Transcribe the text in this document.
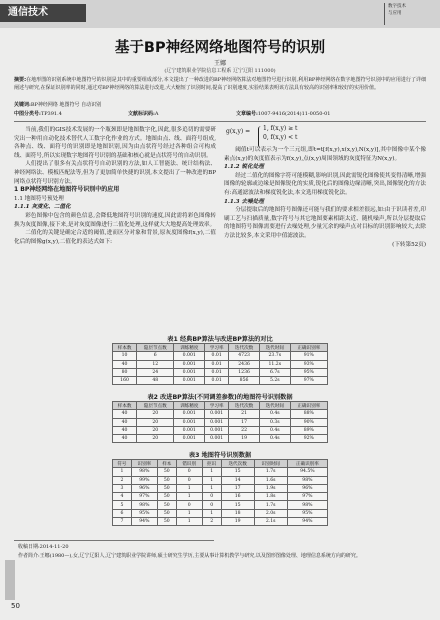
通信技术
数字技术
与应用
基于BP神经网络地图符号的识别
王娜
(辽宁建筑职业学院信息工程系 辽宁辽阳 111000)
摘要:在地形图的识别系统中地图符号的识别是其中的重要组成部分,本文提出了一种改进的BP神经网络算法对地图符号进行识别,利用BP神经网络在数字地图符号识别中的应用进行了详细阐述与研究,在保证识别率的同时,通过对BP神经网络的算法进行改进,大大缩短了识别时间,提高了识别速度,实验结果表明该方法具有较高的识别率和较好的实用价值。
关键词:BP神经网络 地图符号 自动识别
中图分类号:TP391.4	文献标识码:A	文章编号:1007-9416(2014)11-0050-01

当前,我们的GIS技术发展的一个瓶颈即是地图数字化,因此,很多追切的需要研究出一种用自动化技术替代人工数字化作业的方式。地图由点、线、面符号组成,各种点、线、面符号的识别即是地图识别,因为由点状符号经过各种组合可构成线、面符号,所以实现数字地图符号识别的基础和核心就是点状符号的自动识别。

人们提出了很多有关点状符号自动识别的方法,如人工智能法、统计结构法、神经网络法、模板匹配法等,但为了更加简单快捷的识别,本文提出了一种改进的BP网络点状符号识别方法。

1 BP神经网络在地图符号识别中的应用
1.1 地图符号预处理
1.1.1 灰度化、二值化

彩色图像中包含的颜色信息,会降低地图符号识别的速度,因此需将彩色图像转换为灰度图像,接下来,是对灰度图像进行二值化处理,这样就大大地提高处理效率。

二值化的关键是确定合适的阈值,进而区分对象和背景,原灰度图像f(x,y),二值化后的图像g(x,y),二值化的表达式如下:

g(x,y) = 1, f(x,y) ≥ t
0, f(x,y) < t

阈值t可以表示为一个三元组,即t=t[f(x,y),x(x,y),N(x,y)],其中图像中某个像素点(x,y)的灰度值表示为f(x,y),点(x,y)周围领域的灰度特征为N(x,y)。

1.1.2 锐化处理

经过二值化的图像字符可能模糊,影响识别,因此需锐化图像使其变得清晰,增强图像的轮廓或边缘是图像锐化的实质,锐化后的图像边缘清晰,突出,图像锐化的方法有:高通滤波法和梯度锐化法,本文选用梯度锐化法。

1.1.3 去噪处理

分层提取后的地图符号图像还可能与我们的要求相差很远,如:由于识读者差,印刷工艺与扫描质量,数字符号与其它地图要素相距太近、随机噪声,所以分层提取后的地图符号图像需要进行去噪处理,少量冗余的噪声点对目标的识别影响较大,去除方法比较多,本文采用中值滤波法。

(下转第52页)
表1 经典BP算法与改进BP算法的对比
样本数	隐层节点数	训练精度	学习率	迭代次数	迭代时间	正确识别率
10	6	0.001	0.01	4723	23.7s	91%
40	12	0.001	0.01	2436	11.2s	93%
80	24	0.001	0.01	1236	6.7s	95%
160	48	0.001	0.01	856	5.2s	97%
表2 改进BP算法(不同调差参数)的地图符号识别数据
样本数	隐层节点数	训练精度	学习率	迭代次数	迭代时间	正确识别率
40	20	0.001	0.001	21	0.4s	88%
40	20	0.001	0.001	17	0.3s	90%
40	20	0.001	0.001	22	0.4s	89%
40	20	0.001	0.001	19	0.4s	92%
表3 地图符号识别数据
符号	识别率	样本	错识别	拒识	迭代次数	识别时间	正确识别率
1	98%	50	0	1	15	1.7s	94.5%
2	99%	50	0	1	14	1.6s	98%
3	96%	50	1	1	17	1.9s	96%
4	97%	50	1	0	16	1.8s	97%
5	98%	50	0	0	15	1.7s	98%
6	95%	50	1	1	18	2.0s	95%
7	94%	50	1	2	19	2.1s	94%
收稿日期:2014-11-20
作者简介:王娜(1980—),女,辽宁辽阳人,辽宁建筑职业学院讲师,硕士研究生学历,主要从事计算机教学与研究,以及图形图像处理、地理信息系统方向的研究。
50
